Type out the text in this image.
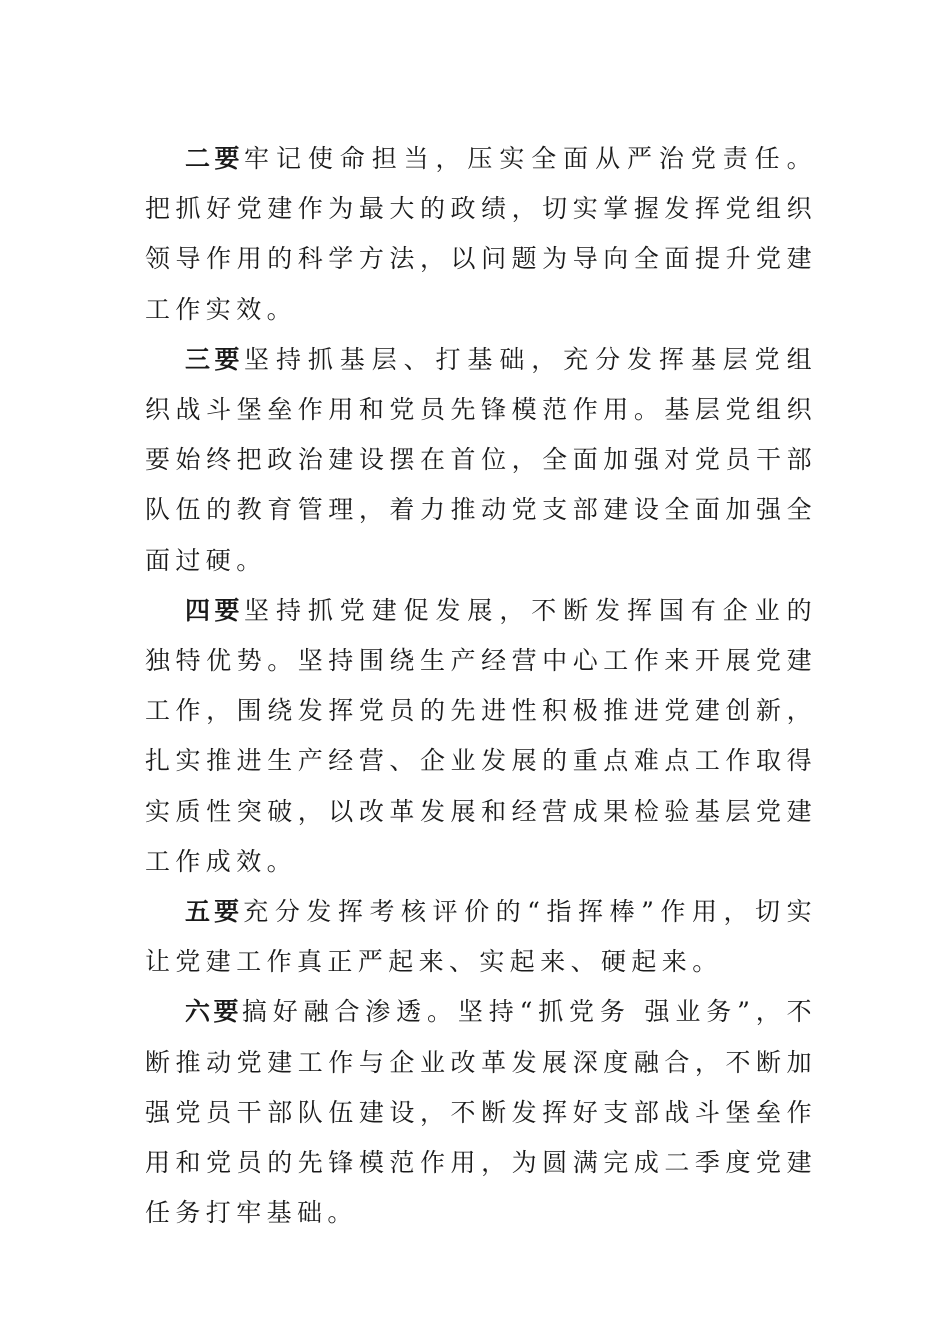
二要牢记使命担当，压实全面从严治党责任。把抓好党建作为最大的政绩，切实掌握发挥党组织领导作用的科学方法，以问题为导向全面提升党建工作实效。

三要坚持抓基层、打基础，充分发挥基层党组织战斗堡垒作用和党员先锋模范作用。基层党组织要始终把政治建设摆在首位，全面加强对党员干部队伍的教育管理，着力推动党支部建设全面加强全面过硬。

四要坚持抓党建促发展，不断发挥国有企业的独特优势。坚持围绕生产经营中心工作来开展党建工作，围绕发挥党员的先进性积极推进党建创新，扎实推进生产经营、企业发展的重点难点工作取得实质性突破，以改革发展和经营成果检验基层党建工作成效。

五要充分发挥考核评价的“指挥棒”作用，切实让党建工作真正严起来、实起来、硬起来。

六要搞好融合渗透。坚持“抓党务 强业务”，不断推动党建工作与企业改革发展深度融合，不断加强党员干部队伍建设，不断发挥好支部战斗堡垒作用和党员的先锋模范作用，为圆满完成二季度党建任务打牢基础。
